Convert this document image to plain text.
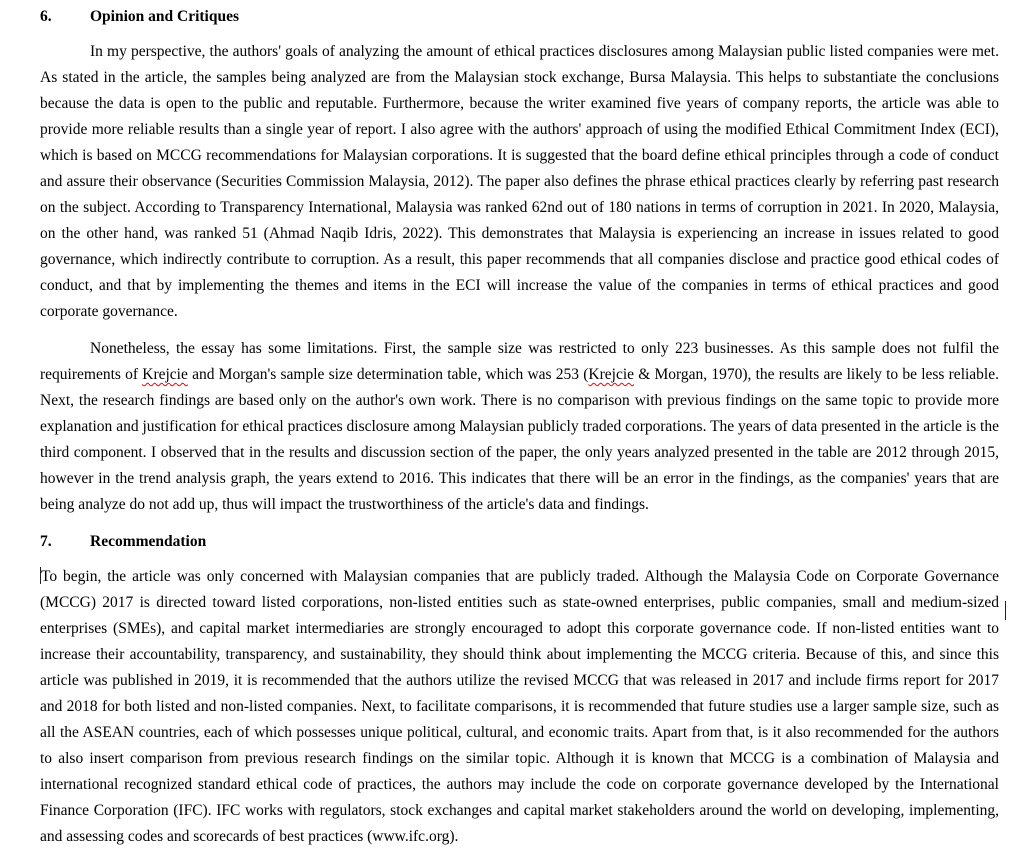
6. Opinion and Critiques

In my perspective, the authors' goals of analyzing the amount of ethical practices disclosures among Malaysian public listed companies were met. As stated in the article, the samples being analyzed are from the Malaysian stock exchange, Bursa Malaysia. This helps to substantiate the conclusions because the data is open to the public and reputable. Furthermore, because the writer examined five years of company reports, the article was able to provide more reliable results than a single year of report. I also agree with the authors' approach of using the modified Ethical Commitment Index (ECI), which is based on MCCG recommendations for Malaysian corporations. It is suggested that the board define ethical principles through a code of conduct and assure their observance (Securities Commission Malaysia, 2012). The paper also defines the phrase ethical practices clearly by referring past research on the subject. According to Transparency International, Malaysia was ranked 62nd out of 180 nations in terms of corruption in 2021. In 2020, Malaysia, on the other hand, was ranked 51 (Ahmad Naqib Idris, 2022). This demonstrates that Malaysia is experiencing an increase in issues related to good governance, which indirectly contribute to corruption. As a result, this paper recommends that all companies disclose and practice good ethical codes of conduct, and that by implementing the themes and items in the ECI will increase the value of the companies in terms of ethical practices and good corporate governance.

Nonetheless, the essay has some limitations. First, the sample size was restricted to only 223 businesses. As this sample does not fulfil the requirements of Krejcie and Morgan's sample size determination table, which was 253 (Krejcie & Morgan, 1970), the results are likely to be less reliable. Next, the research findings are based only on the author's own work. There is no comparison with previous findings on the same topic to provide more explanation and justification for ethical practices disclosure among Malaysian publicly traded corporations. The years of data presented in the article is the third component. I observed that in the results and discussion section of the paper, the only years analyzed presented in the table are 2012 through 2015, however in the trend analysis graph, the years extend to 2016. This indicates that there will be an error in the findings, as the companies' years that are being analyze do not add up, thus will impact the trustworthiness of the article's data and findings.

7. Recommendation

To begin, the article was only concerned with Malaysian companies that are publicly traded. Although the Malaysia Code on Corporate Governance (MCCG) 2017 is directed toward listed corporations, non-listed entities such as state-owned enterprises, public companies, small and medium-sized enterprises (SMEs), and capital market intermediaries are strongly encouraged to adopt this corporate governance code. If non-listed entities want to increase their accountability, transparency, and sustainability, they should think about implementing the MCCG criteria. Because of this, and since this article was published in 2019, it is recommended that the authors utilize the revised MCCG that was released in 2017 and include firms report for 2017 and 2018 for both listed and non-listed companies. Next, to facilitate comparisons, it is recommended that future studies use a larger sample size, such as all the ASEAN countries, each of which possesses unique political, cultural, and economic traits. Apart from that, is it also recommended for the authors to also insert comparison from previous research findings on the similar topic. Although it is known that MCCG is a combination of Malaysia and international recognized standard ethical code of practices, the authors may include the code on corporate governance developed by the International Finance Corporation (IFC). IFC works with regulators, stock exchanges and capital market stakeholders around the world on developing, implementing, and assessing codes and scorecards of best practices (www.ifc.org).
